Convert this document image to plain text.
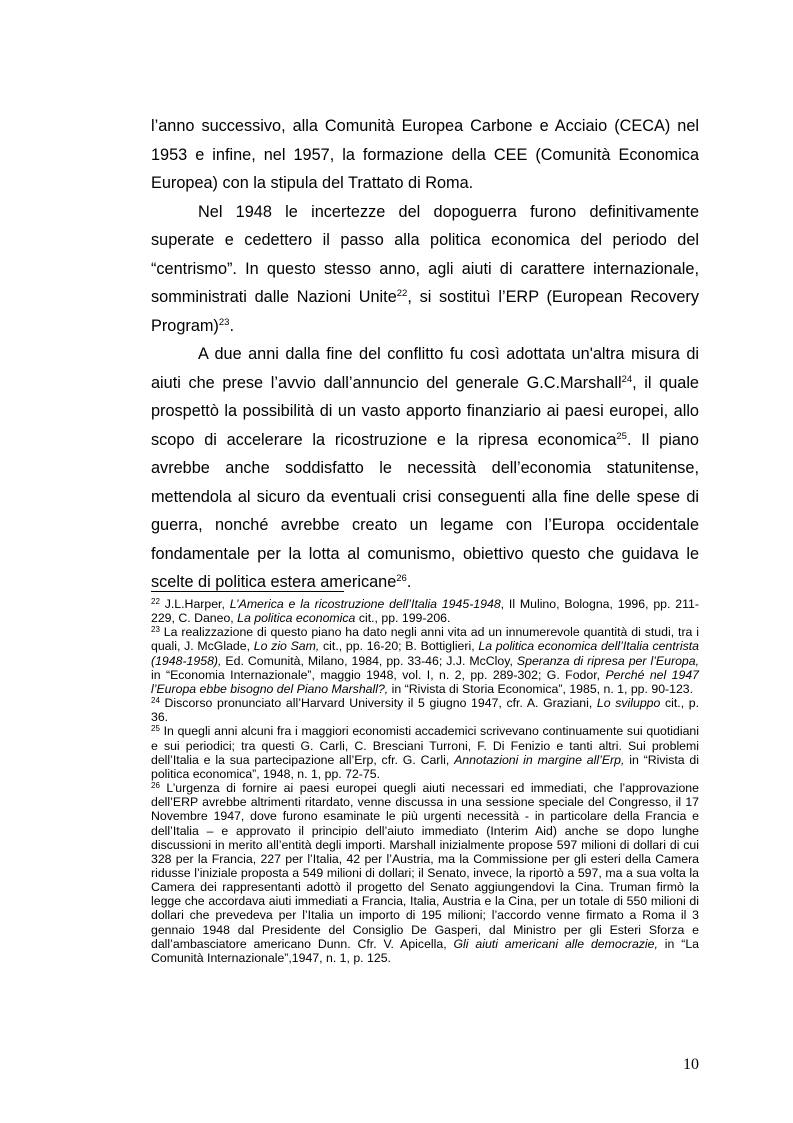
l’anno successivo, alla Comunità Europea Carbone e Acciaio (CECA) nel 1953 e infine, nel 1957, la formazione della CEE (Comunità Economica Europea) con la stipula del Trattato di Roma.

Nel 1948 le incertezze del dopoguerra furono definitivamente superate e cedettero il passo alla politica economica del periodo del “centrismo”. In questo stesso anno, agli aiuti di carattere internazionale, somministrati dalle Nazioni Unite$^{22}$, si sostituì l’ERP (European Recovery Program)$^{23}$.

A due anni dalla fine del conflitto fu così adottata un'altra misura di aiuti che prese l’avvio dall’annuncio del generale G.C.Marshall$^{24}$, il quale prospettò la possibilità di un vasto apporto finanziario ai paesi europei, allo scopo di accelerare la ricostruzione e la ripresa economica$^{25}$. Il piano avrebbe anche soddisfatto le necessità dell’economia statunitense, mettendola al sicuro da eventuali crisi conseguenti alla fine delle spese di guerra, nonché avrebbe creato un legame con l’Europa occidentale fondamentale per la lotta al comunismo, obiettivo questo che guidava le scelte di politica estera americane$^{26}$.

$^{22}$ J.L.Harper, L’America e la ricostruzione dell’Italia 1945-1948, Il Mulino, Bologna, 1996, pp. 211-229, C. Daneo, La politica economica cit., pp. 199-206.

$^{23}$ La realizzazione di questo piano ha dato negli anni vita ad un innumerevole quantità di studi, tra i quali, J. McGlade, Lo zio Sam, cit., pp. 16-20; B. Bottiglieri, La politica economica dell’Italia centrista (1948-1958), Ed. Comunità, Milano, 1984, pp. 33-46; J.J. McCloy, Speranza di ripresa per l’Europa, in “Economia Internazionale”, maggio 1948, vol. I, n. 2, pp. 289-302; G. Fodor, Perché nel 1947 l’Europa ebbe bisogno del Piano Marshall?, in “Rivista di Storia Economica”, 1985, n. 1, pp. 90-123.

$^{24}$ Discorso pronunciato all’Harvard University il 5 giugno 1947, cfr. A. Graziani, Lo sviluppo cit., p. 36.

$^{25}$ In quegli anni alcuni fra i maggiori economisti accademici scrivevano continuamente sui quotidiani e sui periodici; tra questi G. Carli, C. Bresciani Turroni, F. Di Fenizio e tanti altri. Sui problemi dell’Italia e la sua partecipazione all’Erp, cfr. G. Carli, Annotazioni in margine all’Erp, in “Rivista di politica economica”, 1948, n. 1, pp. 72-75.

$^{26}$ L’urgenza di fornire ai paesi europei quegli aiuti necessari ed immediati, che l’approvazione dell’ERP avrebbe altrimenti ritardato, venne discussa in una sessione speciale del Congresso, il 17 Novembre 1947, dove furono esaminate le più urgenti necessità - in particolare della Francia e dell’Italia – e approvato il principio dell’aiuto immediato (Interim Aid) anche se dopo lunghe discussioni in merito all’entità degli importi. Marshall inizialmente propose 597 milioni di dollari di cui 328 per la Francia, 227 per l’Italia, 42 per l’Austria, ma la Commissione per gli esteri della Camera ridusse l’iniziale proposta a 549 milioni di dollari; il Senato, invece, la riportò a 597, ma a sua volta la Camera dei rappresentanti adottò il progetto del Senato aggiungendovi la Cina. Truman firmò la legge che accordava aiuti immediati a Francia, Italia, Austria e la Cina, per un totale di 550 milioni di dollari che prevedeva per l’Italia un importo di 195 milioni; l’accordo venne firmato a Roma il 3 gennaio 1948 dal Presidente del Consiglio De Gasperi, dal Ministro per gli Esteri Sforza e dall’ambasciatore americano Dunn. Cfr. V. Apicella, Gli aiuti americani alle democrazie, in “La Comunità Internazionale”,1947, n. 1, p. 125.

10
